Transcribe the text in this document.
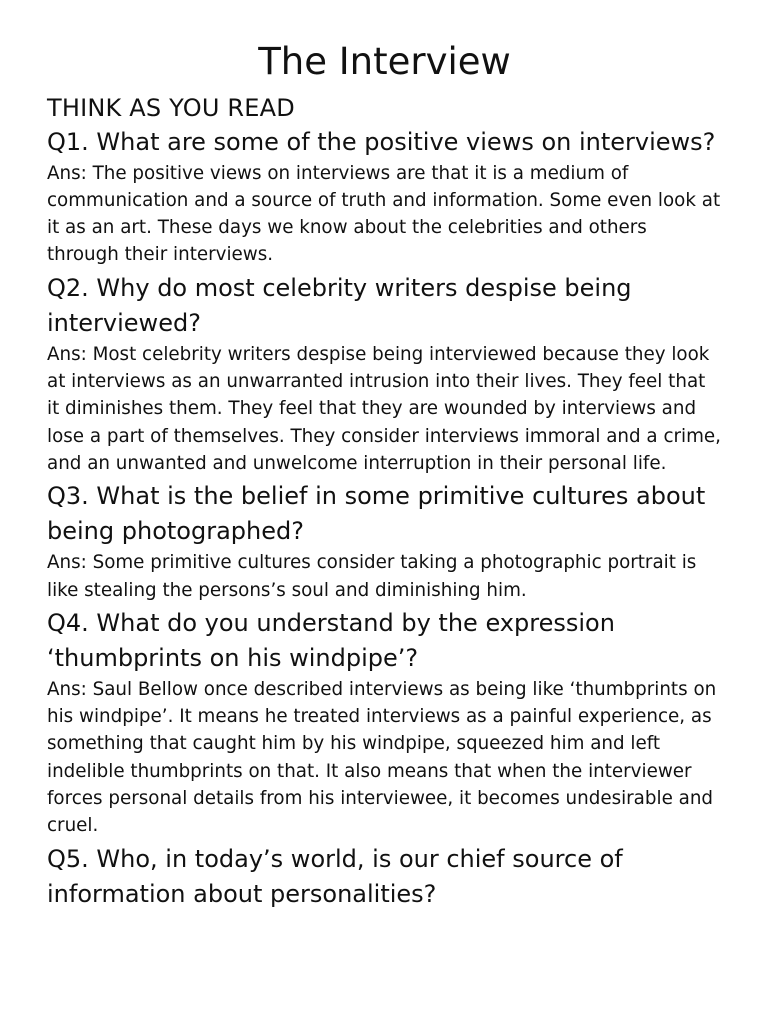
The Interview
THINK AS YOU READ

Q1. What are some of the positive views on interviews?

Ans: The positive views on interviews are that it is a medium of communication and a source of truth and information. Some even look at it as an art. These days we know about the celebrities and others through their interviews.

Q2. Why do most celebrity writers despise being interviewed?

Ans: Most celebrity writers despise being interviewed because they look at interviews as an unwarranted intrusion into their lives. They feel that it diminishes them. They feel that they are wounded by interviews and lose a part of themselves. They consider interviews immoral and a crime, and an unwanted and unwelcome interruption in their personal life.

Q3. What is the belief in some primitive cultures about being photographed?

Ans: Some primitive cultures consider taking a photographic portrait is like stealing the persons’s soul and diminishing him.

Q4. What do you understand by the expression ‘thumbprints on his windpipe’?

Ans: Saul Bellow once described interviews as being like ‘thumbprints on his windpipe’. It means he treated interviews as a painful experience, as something that caught him by his windpipe, squeezed him and left indelible thumbprints on that. It also means that when the interviewer forces personal details from his interviewee, it becomes undesirable and cruel.

Q5. Who, in today’s world, is our chief source of information about personalities?
